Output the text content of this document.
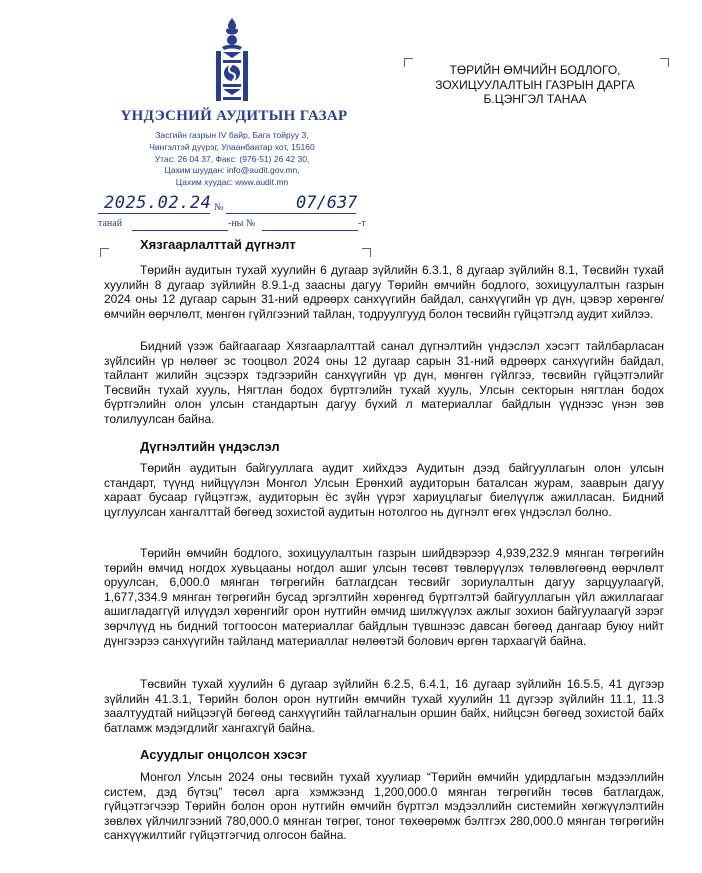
ҮНДЭСНИЙ АУДИТЫН ГАЗАР
Засгийн газрын IV байр, Бага тойруу 3,
Чингэлтэй дүүрэг, Улаанбаатар хот, 15160
Утас: 26 04 37, Факс: (976-51) 26 42 30,
Цахим шуудан: info@audit.gov.mn,
Цахим хуудас: www.audit.mn
ТӨРИЙН ӨМЧИЙН БОДЛОГО,
ЗОХИЦУУЛАЛТЫН ГАЗРЫН ДАРГА
Б.ЦЭНГЭЛ ТАНАА
2025.02.24 №	07/637
танай	-ны №	-т
Хязгаарлалттай дүгнэлт
Төрийн аудитын тухай хуулийн 6 дугаар зүйлийн 6.3.1, 8 дугаар зүйлийн 8.1, Төсвийн тухай хуулийн 8 дугаар зүйлийн 8.9.1-д заасны дагуу Төрийн өмчийн бодлого, зохицуулалтын газрын 2024 оны 12 дугаар сарын 31-ний өдрөөрх санхүүгийн байдал, санхүүгийн үр дүн, цэвэр хөрөнгө/өмчийн өөрчлөлт, мөнгөн гүйлгээний тайлан, тодруулгууд болон төсвийн гүйцэтгэлд аудит хийлээ.
Бидний үзэж байгаагаар Хязгаарлалттай санал дүгнэлтийн үндэслэл хэсэгт тайлбарласан зүйлсийн үр нөлөөг эс тооцвол 2024 оны 12 дугаар сарын 31-ний өдрөөрх санхүүгийн байдал, тайлант жилийн эцсээрх тэдгээрийн санхүүгийн үр дүн, мөнгөн гүйлгээ, төсвийн гүйцэтгэлийг Төсвийн тухай хууль, Нягтлан бодох бүртгэлийн тухай хууль, Улсын секторын нягтлан бодох бүртгэлийн олон улсын стандартын дагуу бүхий л материаллаг байдлын үүднээс үнэн зөв толилуулсан байна.
Дүгнэлтийн үндэслэл
Төрийн аудитын байгууллага аудит хийхдээ Аудитын дээд байгууллагын олон улсын стандарт, түүнд нийцүүлэн Монгол Улсын Ерөнхий аудиторын баталсан журам, зааврын дагуу хараат бусаар гүйцэтгэж, аудиторын ёс зүйн үүрэг хариуцлагыг биелүүлж ажилласан. Бидний цуглуулсан хангалттай бөгөөд зохистой аудитын нотолгоо нь дүгнэлт өгөх үндэслэл болно.
Төрийн өмчийн бодлого, зохицуулалтын газрын шийдвэрээр 4,939,232.9 мянган төгрөгийн төрийн өмчид ногдох хувьцааны ногдол ашиг улсын төсөвт төвлөрүүлэх төлөвлөгөөнд өөрчлөлт оруулсан, 6,000.0 мянган төгрөгийн батлагдсан төсвийг зориулалтын дагуу зарцуулаагүй, 1,677,334.9 мянган төгрөгийн бусад эргэлтийн хөрөнгөд бүртгэлтэй байгууллагын үйл ажиллагааг ашигладаггүй илүүдэл хөрөнгийг орон нутгийн өмчид шилжүүлэх ажлыг зохион байгуулаагүй зэрэг зөрчлүүд нь бидний тогтоосон материаллаг байдлын түвшнээс давсан бөгөөд дангаар буюу нийт дүнгээрээ санхүүгийн тайланд материаллаг нөлөөтэй болович өргөн тархаагүй байна.
Төсвийн тухай хуулийн 6 дугаар зүйлийн 6.2.5, 6.4.1, 16 дугаар зүйлийн 16.5.5, 41 дүгээр зүйлийн 41.3.1, Төрийн болон орон нутгийн өмчийн тухай хуулийн 11 дүгээр зүйлийн 11.1, 11.3 заалтуудтай нийцээгүй бөгөөд санхүүгийн тайлагналын оршин байх, нийцсэн бөгөөд зохистой байх батламж мэдэгдлийг хангахгүй байна.
Асуудлыг онцолсон хэсэг
Монгол Улсын 2024 оны төсвийн тухай хуулиар “Төрийн өмчийн удирдлагын мэдээллийн систем, дэд бүтэц” төсөл арга хэмжээнд 1,200,000.0 мянган төгрөгийн төсөв батлагдаж, гүйцэтгэгчээр Төрийн болон орон нутгийн өмчийн бүртгэл мэдээллийн системийн хөгжүүлэлтийн зөвлөх үйлчилгээний 780,000.0 мянган төгрөг, тоног төхөөрөмж бэлтгэх 280,000.0 мянган төгрөгийн санхүүжилтийг гүйцэтгэгчид олгосон байна.
